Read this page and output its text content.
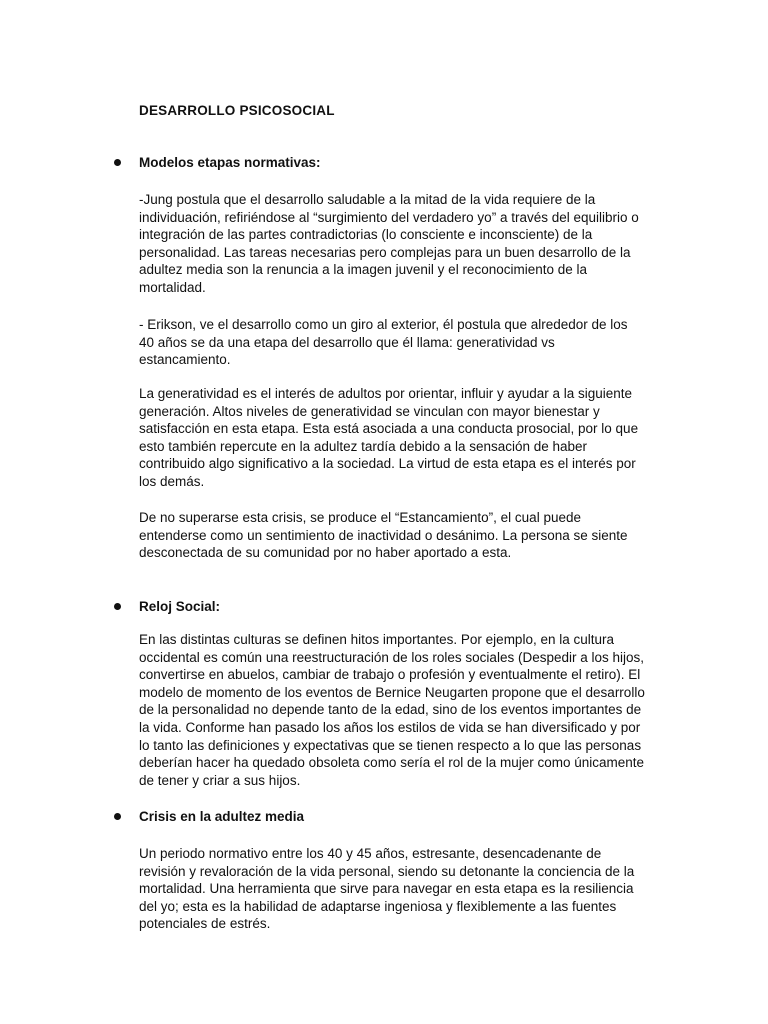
DESARROLLO PSICOSOCIAL
Modelos etapas normativas:
-Jung postula que el desarrollo saludable a la mitad de la vida requiere de la
individuación, refiriéndose al “surgimiento del verdadero yo” a través del equilibrio o
integración de las partes contradictorias (lo consciente e inconsciente) de la
personalidad. Las tareas necesarias pero complejas para un buen desarrollo de la
adultez media son la renuncia a la imagen juvenil y el reconocimiento de la
mortalidad.
- Erikson, ve el desarrollo como un giro al exterior, él postula que alrededor de los
40 años se da una etapa del desarrollo que él llama: generatividad vs
estancamiento.
La generatividad es el interés de adultos por orientar, influir y ayudar a la siguiente
generación. Altos niveles de generatividad se vinculan con mayor bienestar y
satisfacción en esta etapa. Esta está asociada a una conducta prosocial, por lo que
esto también repercute en la adultez tardía debido a la sensación de haber
contribuido algo significativo a la sociedad. La virtud de esta etapa es el interés por
los demás.
De no superarse esta crisis, se produce el “Estancamiento”, el cual puede
entenderse como un sentimiento de inactividad o desánimo. La persona se siente
desconectada de su comunidad por no haber aportado a esta.
Reloj Social:
En las distintas culturas se definen hitos importantes. Por ejemplo, en la cultura
occidental es común una reestructuración de los roles sociales (Despedir a los hijos,
convertirse en abuelos, cambiar de trabajo o profesión y eventualmente el retiro). El
modelo de momento de los eventos de Bernice Neugarten propone que el desarrollo
de la personalidad no depende tanto de la edad, sino de los eventos importantes de
la vida. Conforme han pasado los años los estilos de vida se han diversificado y por
lo tanto las definiciones y expectativas que se tienen respecto a lo que las personas
deberían hacer ha quedado obsoleta como sería el rol de la mujer como únicamente
de tener y criar a sus hijos.
Crisis en la adultez media
Un periodo normativo entre los 40 y 45 años, estresante, desencadenante de
revisión y revaloración de la vida personal, siendo su detonante la conciencia de la
mortalidad. Una herramienta que sirve para navegar en esta etapa es la resiliencia
del yo; esta es la habilidad de adaptarse ingeniosa y flexiblemente a las fuentes
potenciales de estrés.
